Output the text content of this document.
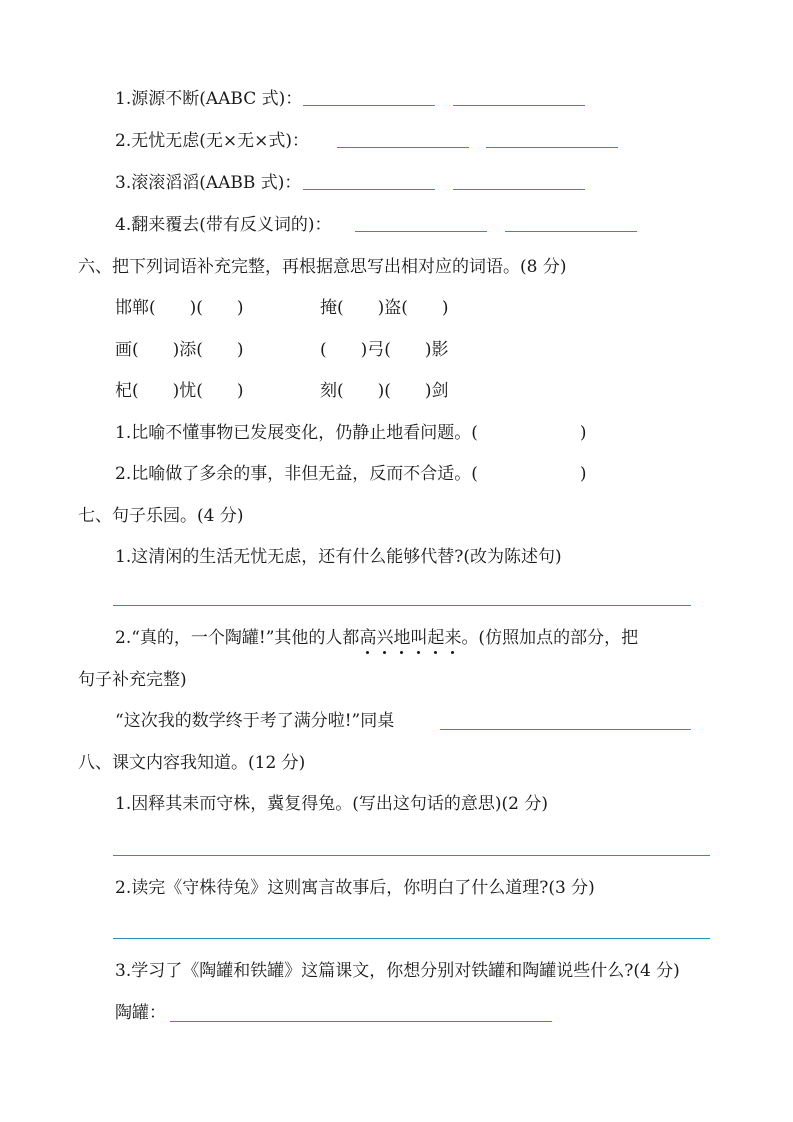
1.源源不断(AABC 式)：
2.无忧无虑(无×无×式)：
3.滚滚滔滔(AABB 式)：
4.翻来覆去(带有反义词的)：
六、把下列词语补充完整，再根据意思写出相对应的词语。(8 分)
邯郸(　　)(　　)	掩(　　)盗(　　)
画(　　)添(　　)	(　　)弓(　　)影
杞(　　)忧(　　)	刻(　　)(　　)剑
1.比喻不懂事物已发展变化，仍静止地看问题。(　　　　　　)
2.比喻做了多余的事，非但无益，反而不合适。(　　　　　　)
七、句子乐园。(4 分)
1.这清闲的生活无忧无虑，还有什么能够代替?(改为陈述句)
2.“真的，一个陶罐!”其他的人都高兴地叫起来。(仿照加点的部分，把
句子补充完整)
“这次我的数学终于考了满分啦!”同桌
八、课文内容我知道。(12 分)
1.因释其耒而守株，冀复得兔。(写出这句话的意思)(2 分)
2.读完《守株待兔》这则寓言故事后，你明白了什么道理?(3 分)
3.学习了《陶罐和铁罐》这篇课文，你想分别对铁罐和陶罐说些什么?(4 分)
陶罐：
